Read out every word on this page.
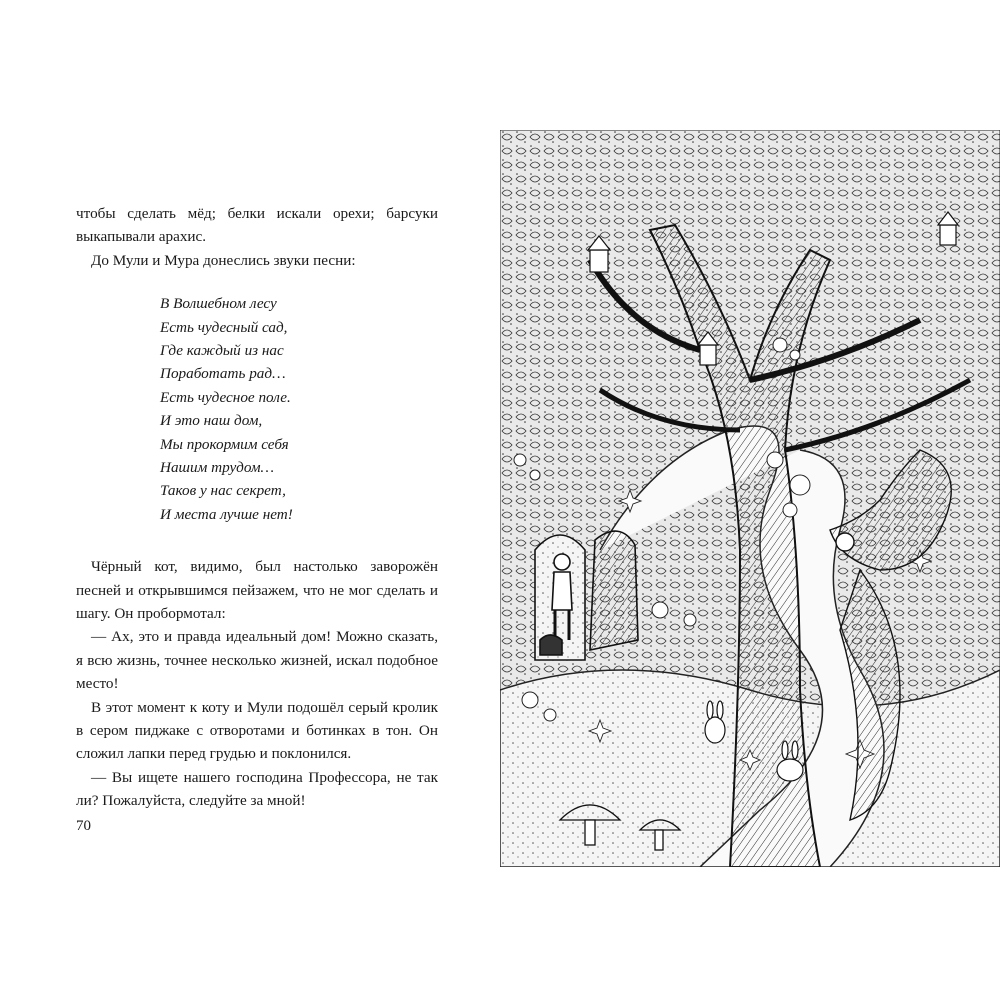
чтобы сделать мёд; белки искали орехи; барсуки выкапывали арахис.

До Мули и Мура донеслись звуки песни:

В Волшебном лесу
Есть чудесный сад,
Где каждый из нас
Поработать рад…
Есть чудесное поле.
И это наш дом,
Мы прокормим себя
Нашим трудом…
Таков у нас секрет,
И места лучше нет!

Чёрный кот, видимо, был настолько заворожён песней и открывшимся пейзажем, что не мог сделать и шагу. Он пробормотал:

— Ах, это и правда идеальный дом! Можно сказать, я всю жизнь, точнее несколько жизней, искал подобное место!

В этот момент к коту и Мули подошёл серый кролик в сером пиджаке с отворотами и ботинках в тон. Он сложил лапки перед грудью и поклонился.

— Вы ищете нашего господина Профессора, не так ли? Пожалуйста, следуйте за мной!

70
